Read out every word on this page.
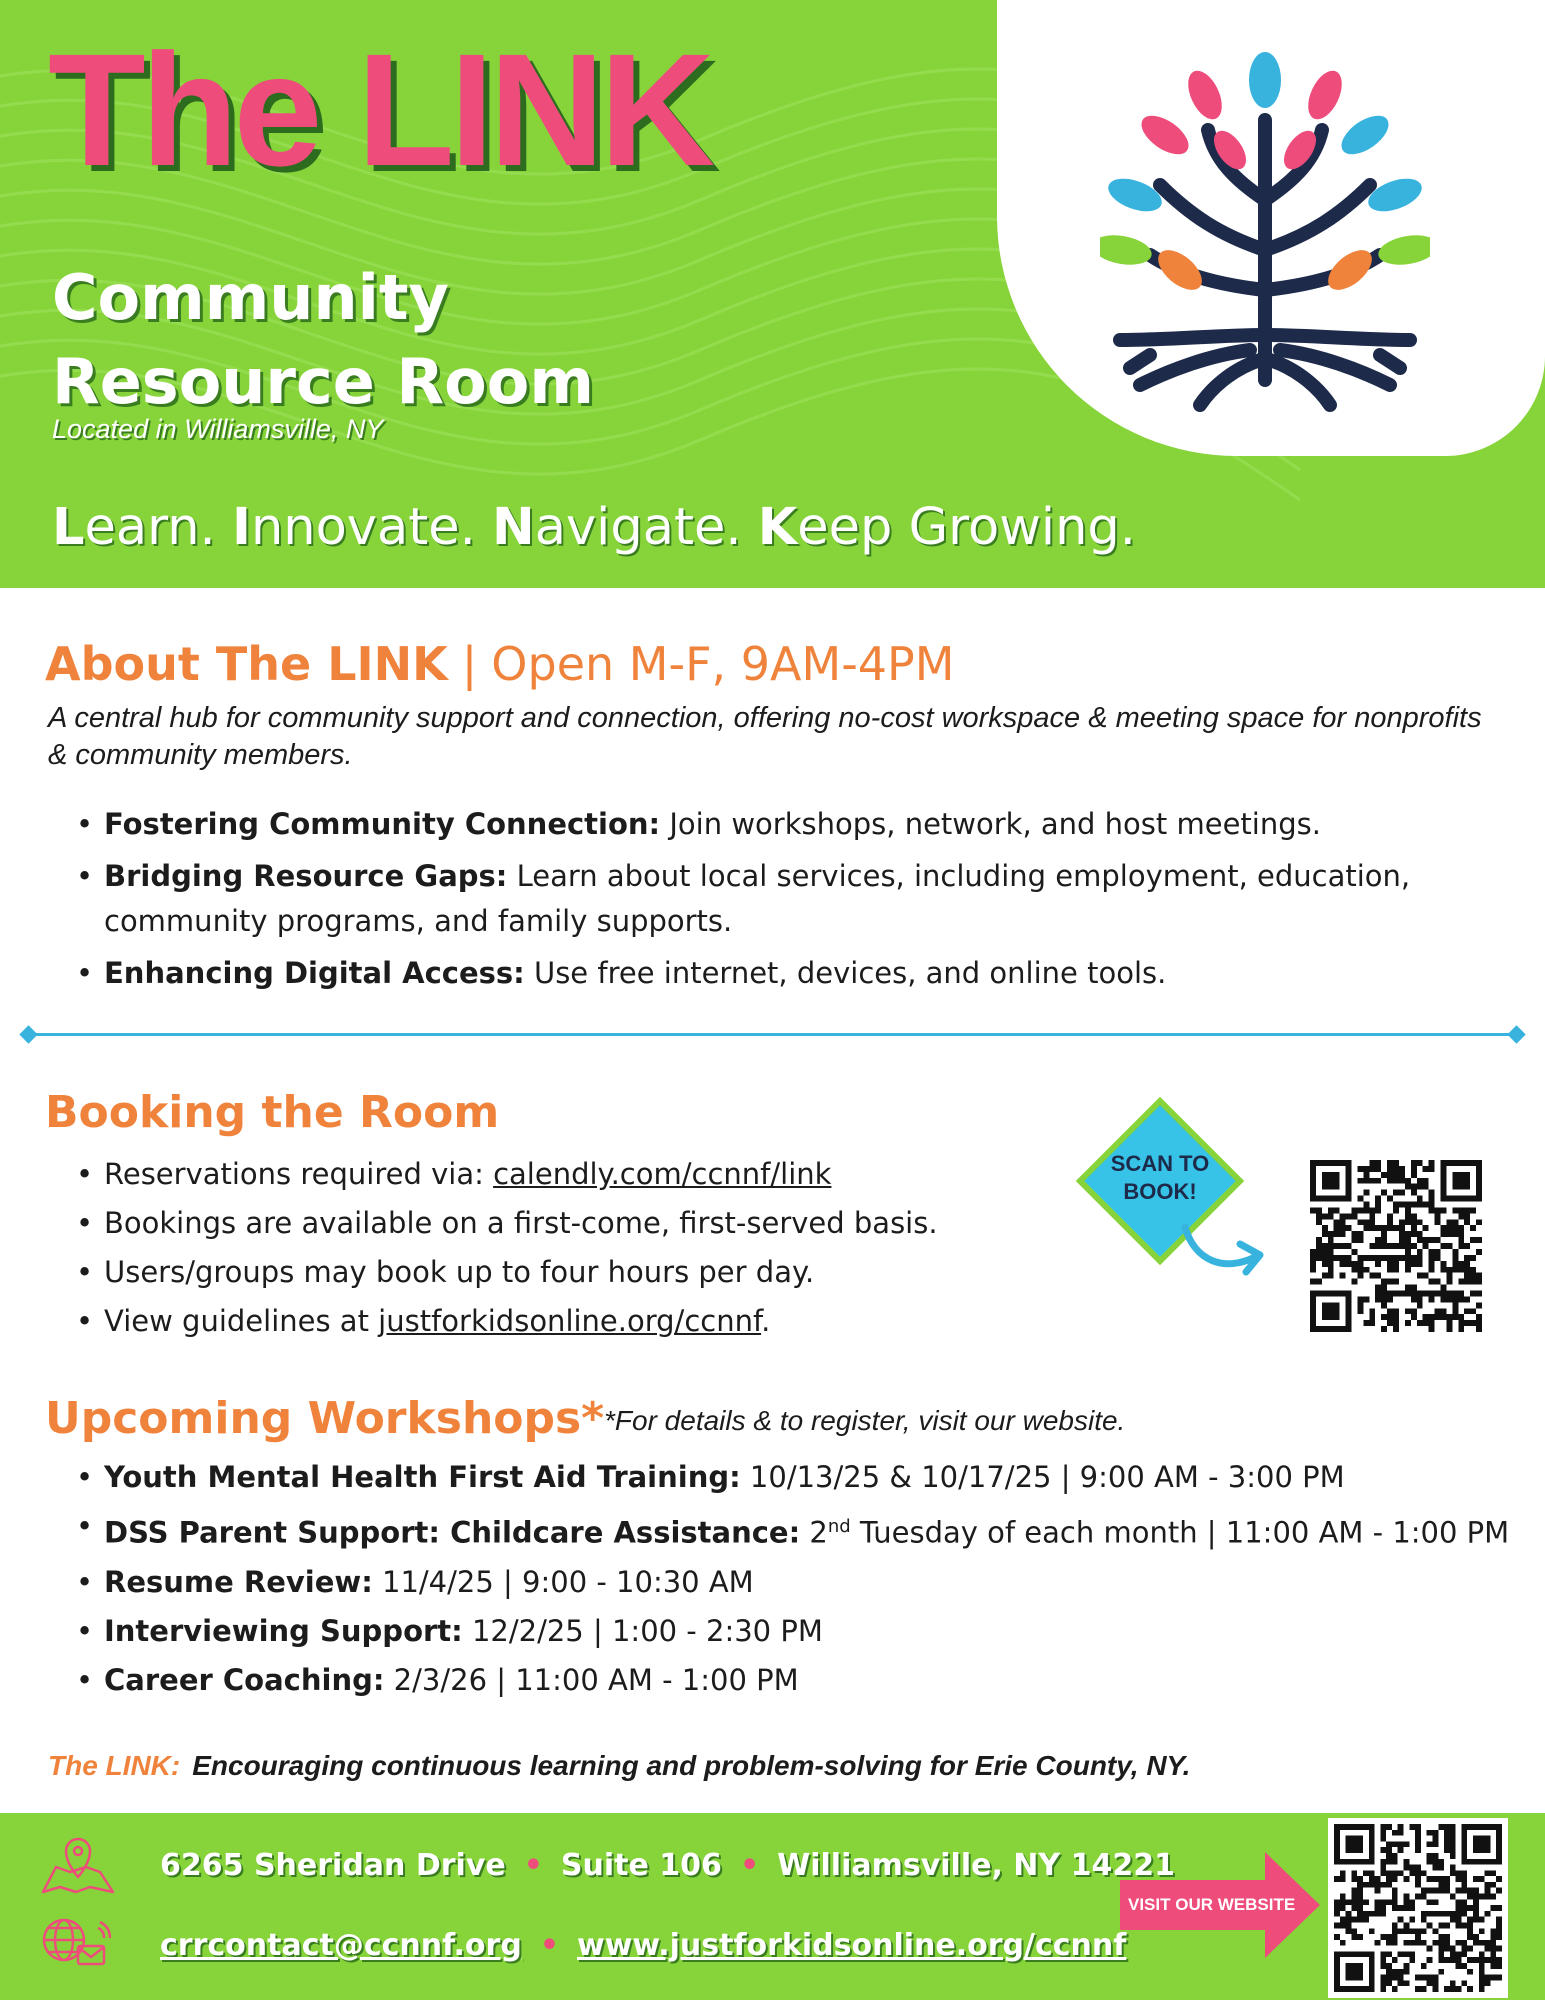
The LINK
Community
Resource Room
Located in Williamsville, NY
Learn. Innovate. Navigate. Keep Growing.
About The LINK | Open M-F, 9AM-4PM
A central hub for community support and connection, offering no-cost workspace & meeting space for nonprofits & community members.
• Fostering Community Connection: Join workshops, network, and host meetings.
• Bridging Resource Gaps: Learn about local services, including employment, education, community programs, and family supports.
• Enhancing Digital Access: Use free internet, devices, and online tools.
Booking the Room
• Reservations required via: calendly.com/ccnnf/link
• Bookings are available on a first-come, first-served basis.
• Users/groups may book up to four hours per day.
• View guidelines at justforkidsonline.org/ccnnf.
SCAN TO
BOOK!
Upcoming Workshops* *For details & to register, visit our website.
• Youth Mental Health First Aid Training: 10/13/25 & 10/17/25 | 9:00 AM - 3:00 PM
• DSS Parent Support: Childcare Assistance: 2nd Tuesday of each month | 11:00 AM - 1:00 PM
• Resume Review: 11/4/25 | 9:00 - 10:30 AM
• Interviewing Support: 12/2/25 | 1:00 - 2:30 PM
• Career Coaching: 2/3/26 | 11:00 AM - 1:00 PM
The LINK: Encouraging continuous learning and problem-solving for Erie County, NY.
6265 Sheridan Drive • Suite 106 • Williamsville, NY 14221
crrcontact@ccnnf.org • www.justforkidsonline.org/ccnnf
VISIT OUR WEBSITE
